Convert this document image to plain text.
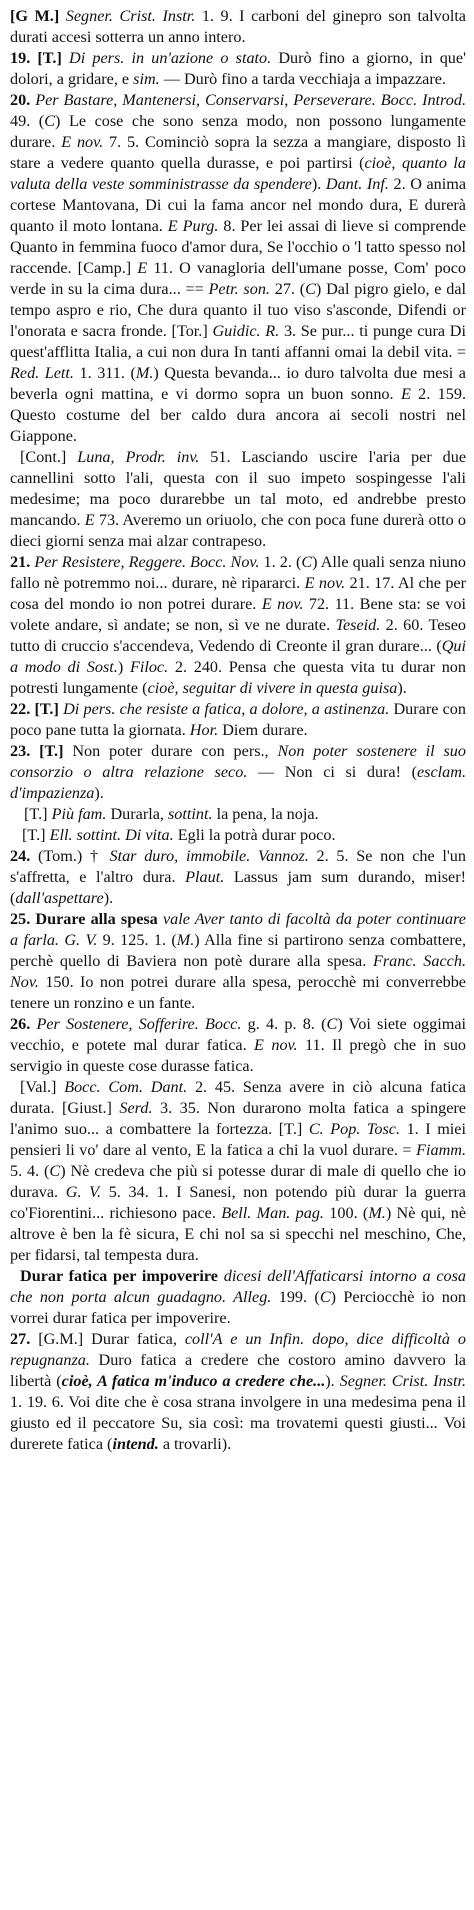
[G M.] Segner. Crist. Instr. 1. 9. I carboni del ginepro son talvolta durati accesi sotterra un anno intero.

19. [T.] Di pers. in un'azione o stato. Durò fino a giorno, in que' dolori, a gridare, e sim. — Durò fino a tarda vecchiaja a impazzare.

20. Per Bastare, Mantenersi, Conservarsi, Perseverare. Bocc. Introd. 49. (C) Le cose che sono senza modo, non possono lungamente durare. E nov. 7. 5. Cominciò sopra la sezza a mangiare, disposto lì stare a vedere quanto quella durasse, e poi partirsi (cioè, quanto la valuta della veste somministrasse da spendere). Dant. Inf. 2. O anima cortese Mantovana, Di cui la fama ancor nel mondo dura, E durerà quanto il moto lontana. E Purg. 8. Per lei assai di lieve si comprende Quanto in femmina fuoco d'amor dura, Se l'occhio o 'l tatto spesso nol raccende. [Camp.] E 11. O vanagloria dell'umane posse, Com' poco verde in su la cima dura... == Petr. son. 27. (C) Dal pigro gielo, e dal tempo aspro e rio, Che dura quanto il tuo viso s'asconde, Difendi or l'onorata e sacra fronde. [Tor.] Guidic. R. 3. Se pur... ti punge cura Di quest'afflitta Italia, a cui non dura In tanti affanni omai la debil vita. = Red. Lett. 1. 311. (M.) Questa bevanda... io duro talvolta due mesi a beverla ogni mattina, e vi dormo sopra un buon sonno. E 2. 159. Questo costume del ber caldo dura ancora ai secoli nostri nel Giappone.

[Cont.] Luna, Prodr. inv. 51. Lasciando uscire l'aria per due cannellini sotto l'ali, questa con il suo impeto sospingesse l'ali medesime; ma poco durarebbe un tal moto, ed andrebbe presto mancando. E 73. Averemo un oriuolo, che con poca fune durerà otto o dieci giorni senza mai alzar contrapeso.

21. Per Resistere, Reggere. Bocc. Nov. 1. 2. (C) Alle quali senza niuno fallo nè potremmo noi... durare, nè ripararci. E nov. 21. 17. Al che per cosa del mondo io non potrei durare. E nov. 72. 11. Bene sta: se voi volete andare, sì andate; se non, sì ve ne durate. Teseid. 2. 60. Teseo tutto di cruccio s'accendeva, Vedendo di Creonte il gran durare... (Qui a modo di Sost.) Filoc. 2. 240. Pensa che questa vita tu durar non potresti lungamente (cioè, seguitar di vivere in questa guisa).

22. [T.] Di pers. che resiste a fatica, a dolore, a astinenza. Durare con poco pane tutta la giornata. Hor. Diem durare.

23. [T.] Non poter durare con pers., Non poter sostenere il suo consorzio o altra relazione seco. — Non ci si dura! (esclam. d'impazienza).

[T.] Più fam. Durarla, sottint. la pena, la noja.

[T.] Ell. sottint. Di vita. Egli la potrà durar poco.

24. (Tom.) † Star duro, immobile. Vannoz. 2. 5. Se non che l'un s'affretta, e l'altro dura. Plaut. Lassus jam sum durando, miser! (dall'aspettare).

25. Durare alla spesa vale Aver tanto di facoltà da poter continuare a farla. G. V. 9. 125. 1. (M.) Alla fine si partirono senza combattere, perchè quello di Baviera non potè durare alla spesa. Franc. Sacch. Nov. 150. Io non potrei durare alla spesa, perocchè mi converrebbe tenere un ronzino e un fante.

26. Per Sostenere, Sofferire. Bocc. g. 4. p. 8. (C) Voi siete oggimai vecchio, e potete mal durar fatica. E nov. 11. Il pregò che in suo servigio in queste cose durasse fatica.

[Val.] Bocc. Com. Dant. 2. 45. Senza avere in ciò alcuna fatica durata. [Giust.] Serd. 3. 35. Non durarono molta fatica a spingere l'animo suo... a combattere la fortezza. [T.] C. Pop. Tosc. 1. I miei pensieri li vo' dare al vento, E la fatica a chi la vuol durare. = Fiamm. 5. 4. (C) Nè credeva che più si potesse durar di male di quello che io durava. G. V. 5. 34. 1. I Sanesi, non potendo più durar la guerra co'Fiorentini... richiesono pace. Bell. Man. pag. 100. (M.) Nè qui, nè altrove è ben la fè sicura, E chi nol sa si specchi nel meschino, Che, per fidarsi, tal tempesta dura.

Durar fatica per impoverire dicesi dell'Affaticarsi intorno a cosa che non porta alcun guadagno. Alleg. 199. (C) Perciocchè io non vorrei durar fatica per impoverire.

27. [G.M.] Durar fatica, coll'A e un Infin. dopo, dice difficoltà o repugnanza. Duro fatica a credere che costoro amino davvero la libertà (cioè, A fatica m'induco a credere che...). Segner. Crist. Instr. 1. 19. 6. Voi dite che è cosa strana involgere in una medesima pena il giusto ed il peccatore Su, sia così: ma trovatemi questi giusti... Voi durerete fatica (intend. a trovarli).
